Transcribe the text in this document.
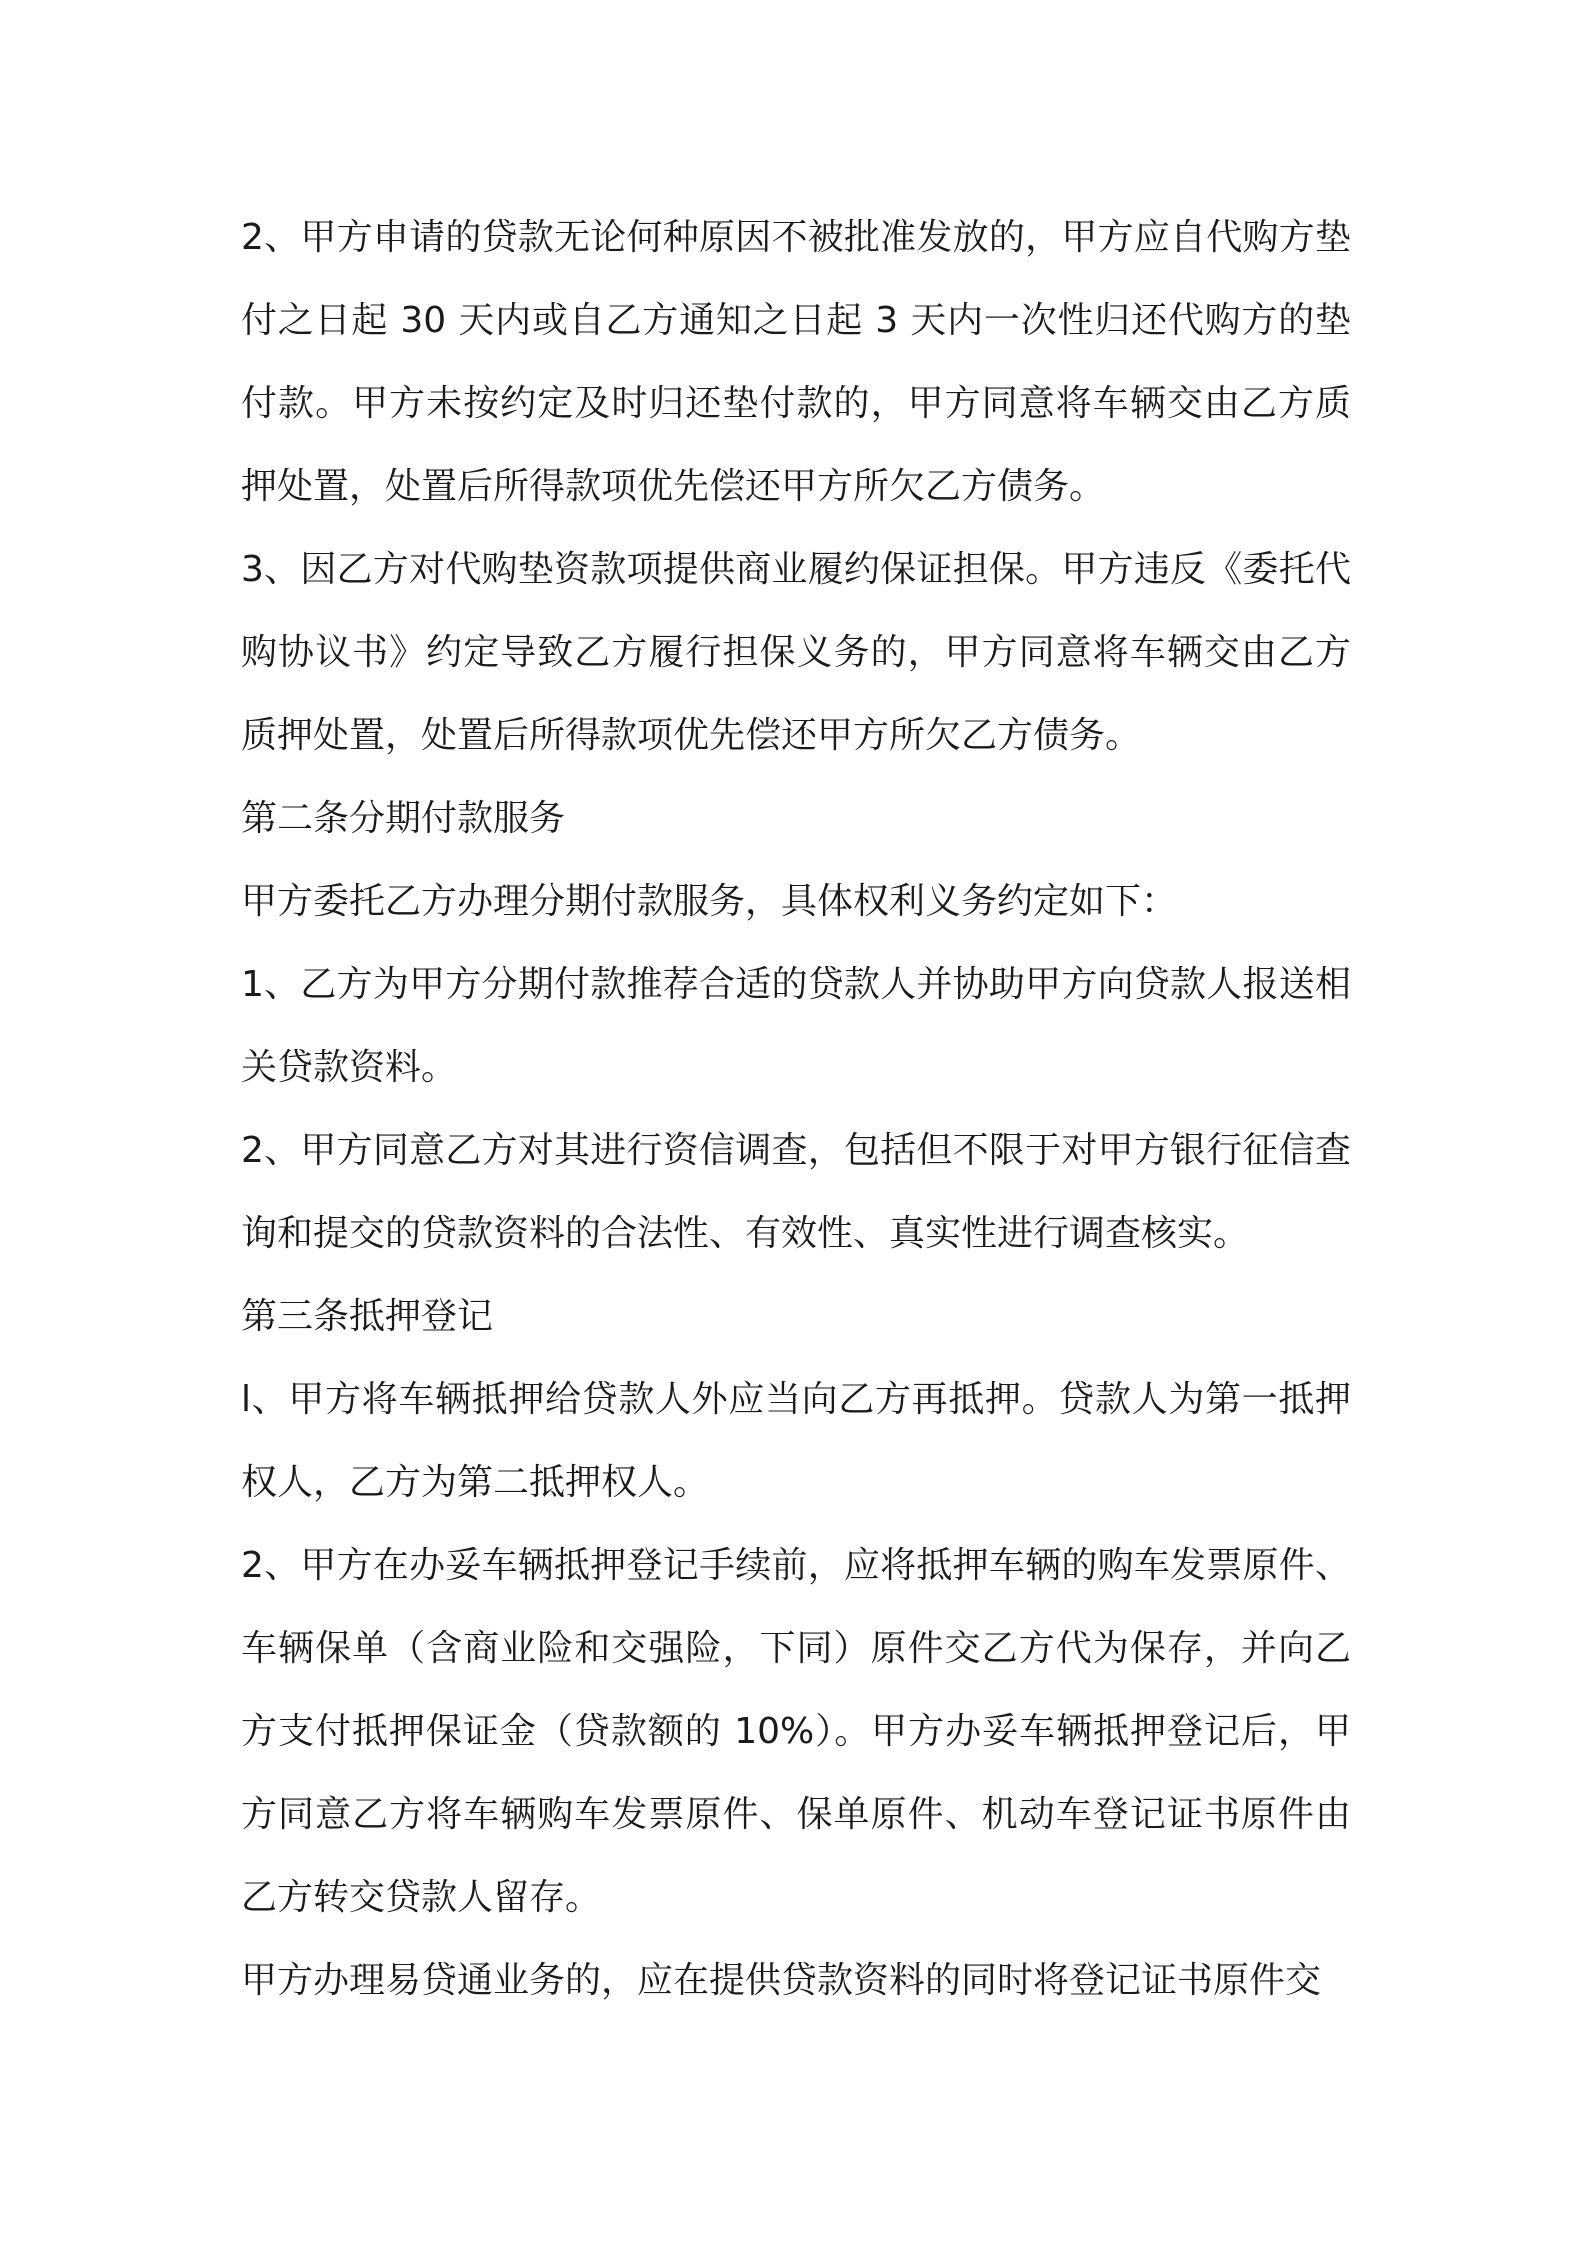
2、甲方申请的贷款无论何种原因不被批准发放的，甲方应自代购方垫付之日起 30 天内或自乙方通知之日起 3 天内一次性归还代购方的垫付款。甲方未按约定及时归还垫付款的，甲方同意将车辆交由乙方质押处置，处置后所得款项优先偿还甲方所欠乙方债务。

3、因乙方对代购垫资款项提供商业履约保证担保。甲方违反《委托代购协议书》约定导致乙方履行担保义务的，甲方同意将车辆交由乙方质押处置，处置后所得款项优先偿还甲方所欠乙方债务。

第二条分期付款服务

甲方委托乙方办理分期付款服务，具体权利义务约定如下：

1、乙方为甲方分期付款推荐合适的贷款人并协助甲方向贷款人报送相关贷款资料。

2、甲方同意乙方对其进行资信调查，包括但不限于对甲方银行征信查询和提交的贷款资料的合法性、有效性、真实性进行调查核实。

第三条抵押登记

l、甲方将车辆抵押给贷款人外应当向乙方再抵押。贷款人为第一抵押权人，乙方为第二抵押权人。

2、甲方在办妥车辆抵押登记手续前，应将抵押车辆的购车发票原件、车辆保单（含商业险和交强险，下同）原件交乙方代为保存，并向乙方支付抵押保证金（贷款额的 10%）。甲方办妥车辆抵押登记后，甲方同意乙方将车辆购车发票原件、保单原件、机动车登记证书原件由乙方转交贷款人留存。

甲方办理易贷通业务的，应在提供贷款资料的同时将登记证书原件交
